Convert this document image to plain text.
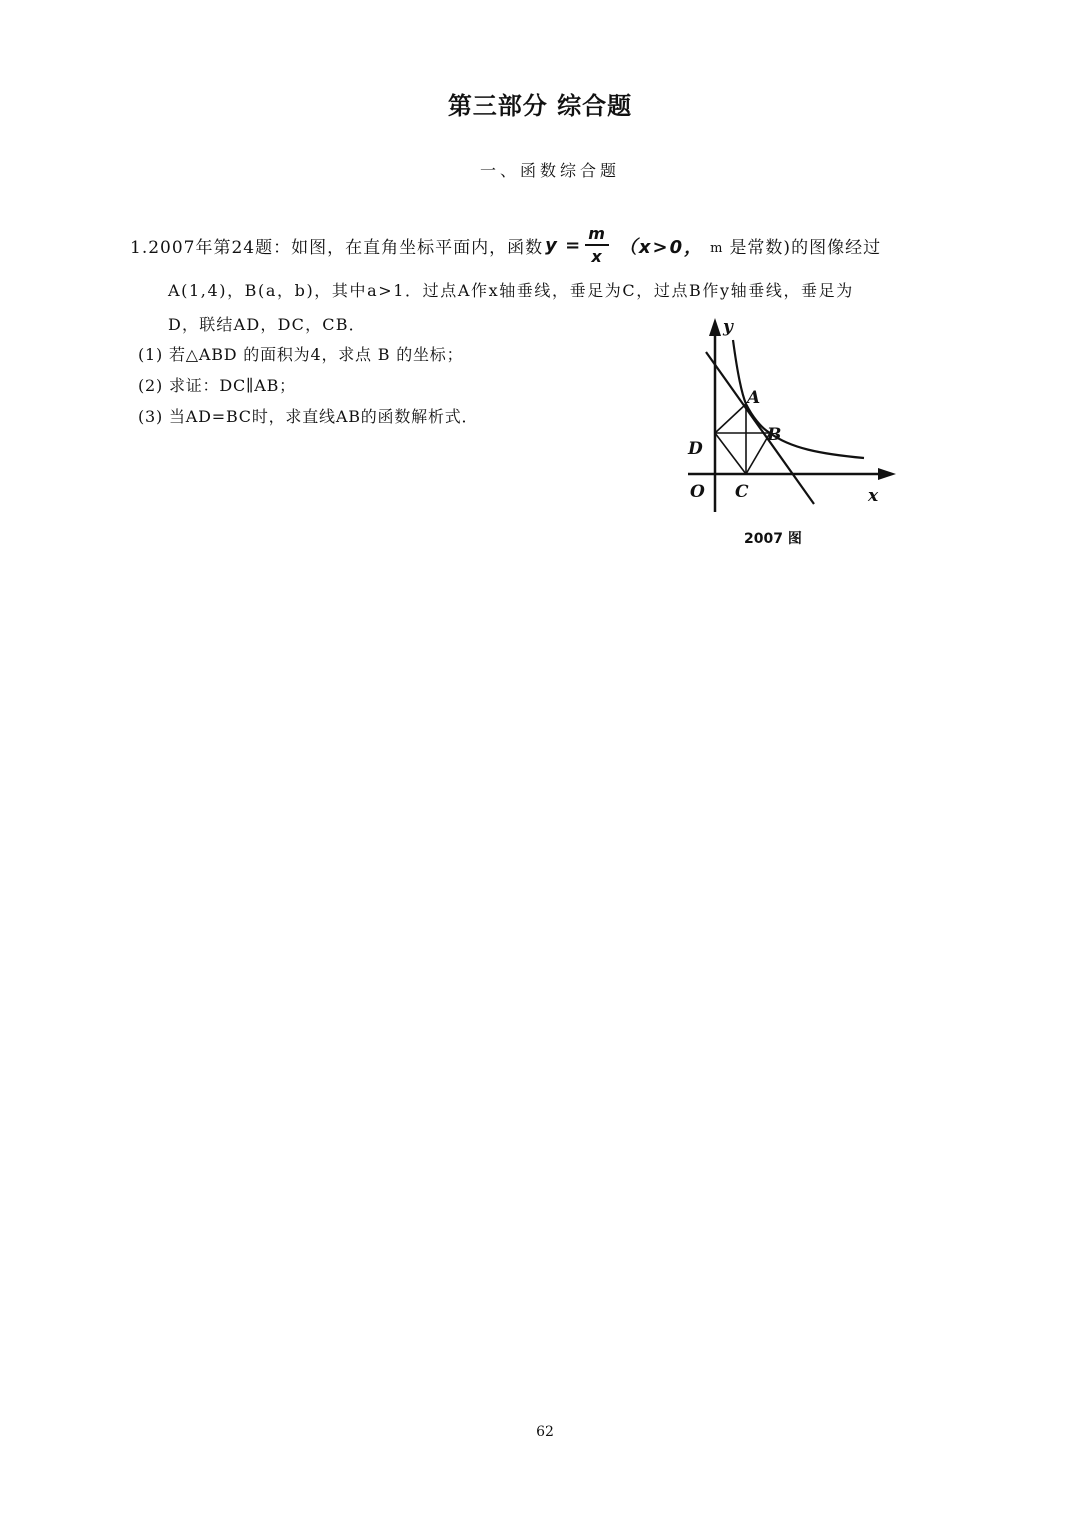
第三部分 综合题
一、函数综合题
1.2007年第24题：如图，在直角坐标平面内，函数 $y = \frac{m}{x} (x>0$， m 是常数)的图像经过
A(1,4)，B(a，b)，其中a>1．过点A作x轴垂线，垂足为C，过点B作y轴垂线，垂足为
D，联结AD，DC，CB．
(1) 若△ABD 的面积为4，求点 B 的坐标；
(2) 求证：DC∥AB；
(3) 当AD=BC时，求直线AB的函数解析式．
y
A
B
D
O C	x
2007 图
62
